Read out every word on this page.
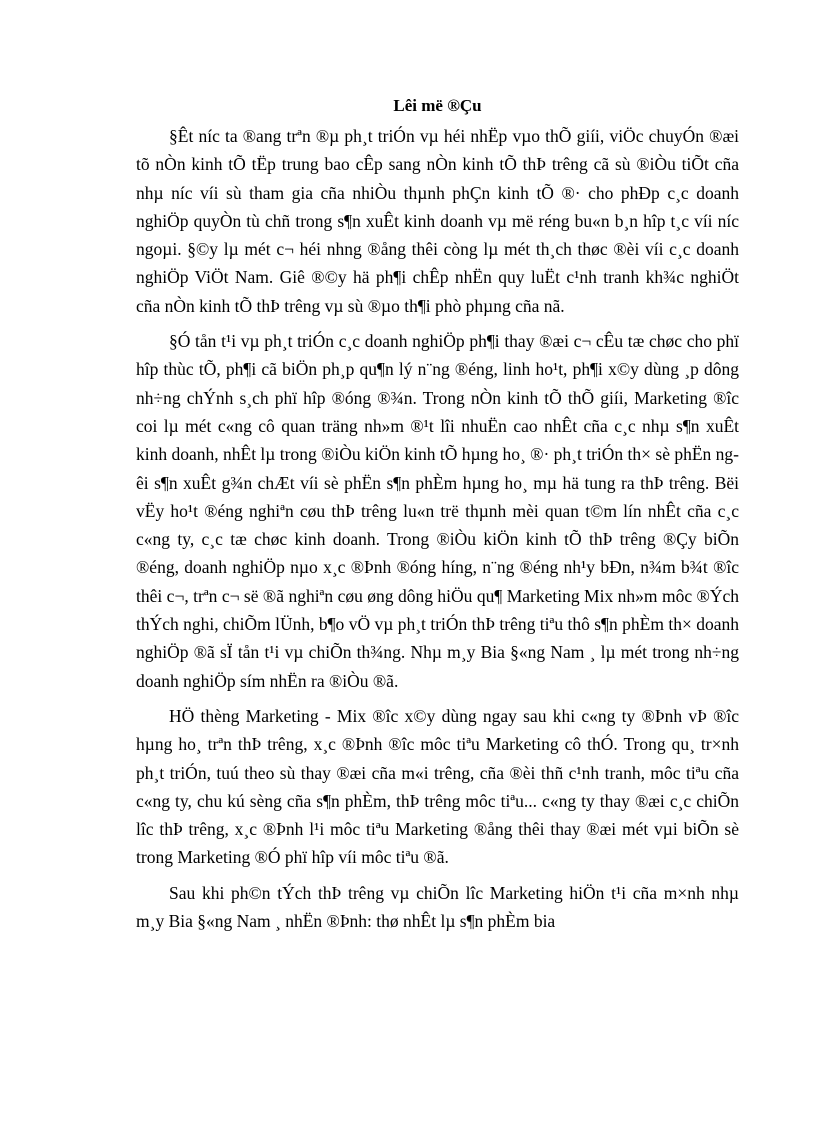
Lêi më ®Çu

§Êt níc ta ®ang trªn ®µ ph¸t triÓn vµ héi nhËp vµo thÕ giíi, viÖc chuyÓn ®æi tõ nÒn kinh tÕ tËp trung bao cÊp sang nÒn kinh tÕ thÞ trêng cã sù ®iÒu tiÕt cña nhµ níc víi sù tham gia cña nhiÒu thµnh phÇn kinh tÕ ®· cho phÐp c¸c doanh nghiÖp quyÒn tù chñ trong s¶n xuÊt kinh doanh vµ më réng bu«n b¸n hîp t¸c víi níc ngoµi. §©y lµ mét c¬ héi nhng ®ång thêi còng lµ mét th¸ch thøc ®èi víi c¸c doanh nghiÖp ViÖt Nam. Giê ®©y hä ph¶i chÊp nhËn quy luËt c¹nh tranh kh¾c nghiÖt cña nÒn kinh tÕ thÞ trêng vµ sù ®µo th¶i phò phµng cña nã.

§Ó tån t¹i vµ ph¸t triÓn c¸c doanh nghiÖp ph¶i thay ®æi c¬ cÊu tæ chøc cho phï hîp thùc tÕ, ph¶i cã biÖn ph¸p qu¶n lý n¨ng ®éng, linh ho¹t, ph¶i x©y dùng ¸p dông nh÷ng chÝnh s¸ch phï hîp ®óng ®¾n. Trong nÒn kinh tÕ thÕ giíi, Marketing ®îc coi lµ mét c«ng cô quan träng nh»m ®¹t lîi nhuËn cao nhÊt cña c¸c nhµ s¶n xuÊt kinh doanh, nhÊt lµ trong ®iÒu kiÖn kinh tÕ hµng ho¸ ®· ph¸t triÓn th× sè phËn ngêi s¶n xuÊt g¾n chÆt víi sè phËn s¶n phÈm hµng ho¸ mµ hä tung ra thÞ trêng. Bëi vËy ho¹t ®éng nghiªn cøu thÞ trêng lu«n trë thµnh mèi quan t©m lín nhÊt cña c¸c c«ng ty, c¸c tæ chøc kinh doanh. Trong ®iÒu kiÖn kinh tÕ thÞ trêng ®Çy biÕn ®éng, doanh nghiÖp nµo x¸c ®Þnh ®óng híng, n¨ng ®éng nh¹y bÐn, n¾m b¾t ®îc thêi c¬, trªn c¬ së ®ã nghiªn cøu øng dông hiÖu qu¶ Marketing Mix nh»m môc ®Ých thÝch nghi, chiÕm lÜnh, b¶o vÖ vµ ph¸t triÓn thÞ trêng tiªu thô s¶n phÈm th× doanh nghiÖp ®ã sÏ tån t¹i vµ chiÕn th¾ng. Nhµ m¸y Bia §«ng Nam ¸ lµ mét trong nh÷ng doanh nghiÖp sím nhËn ra ®iÒu ®ã.

HÖ thèng Marketing - Mix ®îc x©y dùng ngay sau khi c«ng ty ®Þnh vÞ ®îc hµng ho¸ trªn thÞ trêng, x¸c ®Þnh ®îc môc tiªu Marketing cô thÓ. Trong qu¸ tr×nh ph¸t triÓn, tuú theo sù thay ®æi cña m«i trêng, cña ®èi thñ c¹nh tranh, môc tiªu cña c«ng ty, chu kú sèng cña s¶n phÈm, thÞ trêng môc tiªu... c«ng ty thay ®æi c¸c chiÕn lîc thÞ trêng, x¸c ®Þnh l¹i môc tiªu Marketing ®ång thêi thay ®æi mét vµi biÕn sè trong Marketing ®Ó phï hîp víi môc tiªu ®ã.

Sau khi ph©n tÝch thÞ trêng vµ chiÕn lîc Marketing hiÖn t¹i cña m×nh nhµ m¸y Bia §«ng Nam ¸ nhËn ®Þnh: thø nhÊt lµ s¶n phÈm bia
